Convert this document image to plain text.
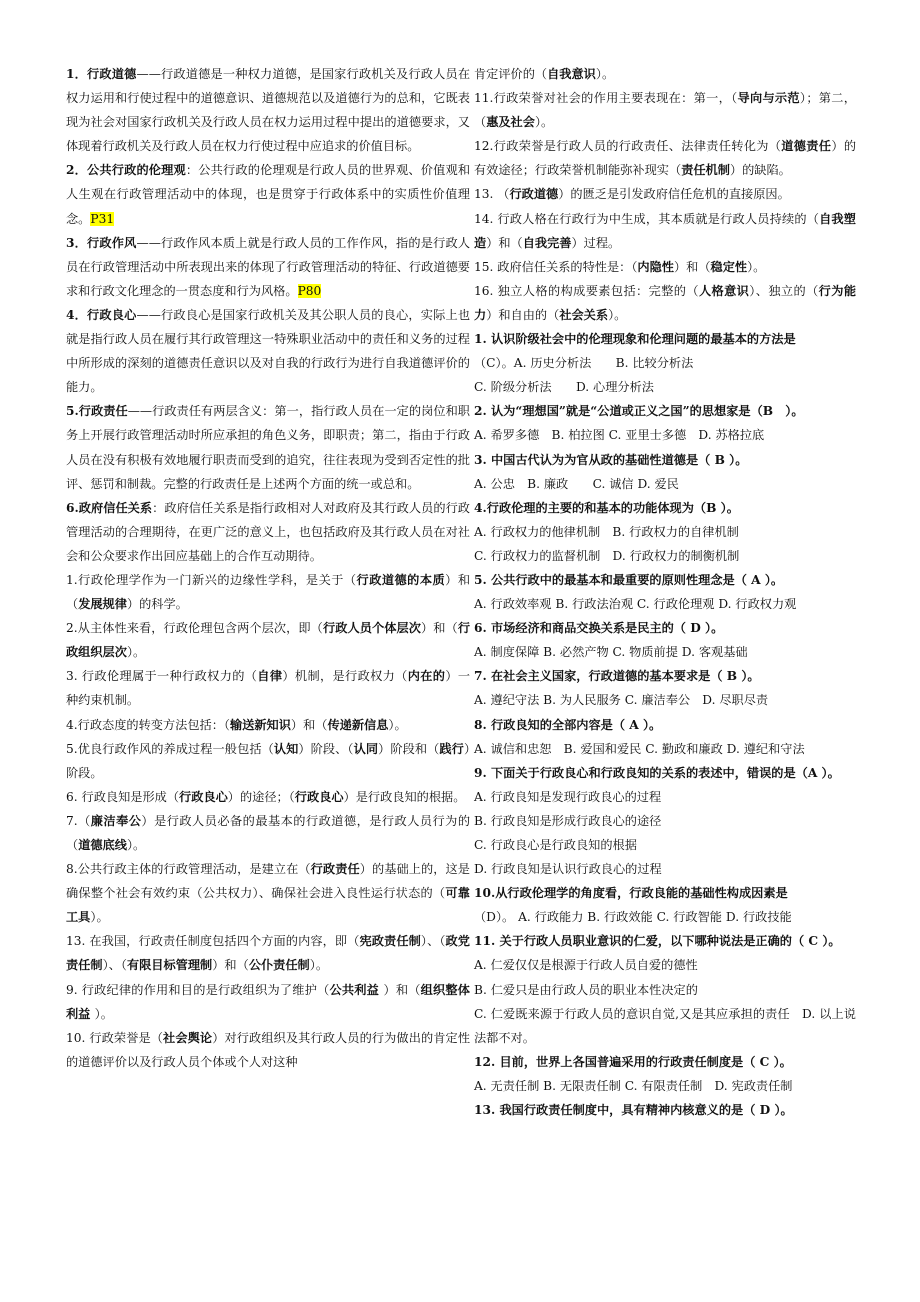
1．行政道德——行政道德是一种权力道德，是国家行政机关及行政人员在权力运用和行使过程中的道德意识、道德规范以及道德行为的总和，它既表现为社会对国家行政机关及行政人员在权力运用过程中提出的道德要求，又体现着行政机关及行政人员在权力行使过程中应追求的价值目标。

2．公共行政的伦理观：公共行政的伦理观是行政人员的世界观、价值观和人生观在行政管理活动中的体现，也是贯穿于行政体系中的实质性价值理念。P31

3．行政作风——行政作风本质上就是行政人员的工作作风，指的是行政人员在行政管理活动中所表现出来的体现了行政管理活动的特征、行政道德要求和行政文化理念的一贯态度和行为风格。P80

4．行政良心——行政良心是国家行政机关及其公职人员的良心，实际上也就是指行政人员在履行其行政管理这一特殊职业活动中的责任和义务的过程中所形成的深刻的道德责任意识以及对自我的行政行为进行自我道德评价的能力。

5.行政责任——行政责任有两层含义：第一，指行政人员在一定的岗位和职务上开展行政管理活动时所应承担的角色义务，即职责；第二，指由于行政人员在没有积极有效地履行职责而受到的追究，往往表现为受到否定性的批评、惩罚和制裁。完整的行政责任是上述两个方面的统一或总和。

6.政府信任关系：政府信任关系是指行政相对人对政府及其行政人员的行政管理活动的合理期待，在更广泛的意义上，也包括政府及其行政人员在对社会和公众要求作出回应基础上的合作互动期待。

1.行政伦理学作为一门新兴的边缘性学科，是关于（行政道德的本质）和（发展规律）的科学。

2.从主体性来看，行政伦理包含两个层次，即（行政人员个体层次）和（行政组织层次）。

3. 行政伦理属于一种行政权力的（自律）机制，是行政权力（内在的）一种约束机制。

4.行政态度的转变方法包括：（输送新知识）和（传递新信息）。

5.优良行政作风的养成过程一般包括（认知）阶段、（认同）阶段和（践行）阶段。

6. 行政良知是形成（行政良心）的途径；（行政良心）是行政良知的根据。

7.（廉洁奉公）是行政人员必备的最基本的行政道德，是行政人员行为的（道德底线）。

8.公共行政主体的行政管理活动，是建立在（行政责任）的基础上的，这是确保整个社会有效约束（公共权力）、确保社会进入良性运行状态的（可靠工具）。

13. 在我国，行政责任制度包括四个方面的内容，即（宪政责任制）、（政党责任制）、（有限目标管理制）和（公仆责任制）。

9. 行政纪律的作用和目的是行政组织为了维护（公共利益 ）和（组织整体利益 ）。

10. 行政荣誉是（社会舆论）对行政组织及其行政人员的行为做出的肯定性的道德评价以及行政人员个体或个人对这种

肯定评价的（自我意识）。

11.行政荣誉对社会的作用主要表现在：第一，（导向与示范）；第二，（惠及社会）。

12.行政荣誉是行政人员的行政责任、法律责任转化为（道德责任）的有效途径；行政荣誉机制能弥补现实（责任机制）的缺陷。

13. （行政道德）的匮乏是引发政府信任危机的直接原因。

14. 行政人格在行政行为中生成，其本质就是行政人员持续的（自我塑造）和（自我完善）过程。

15. 政府信任关系的特性是：（内隐性）和（稳定性）。

16. 独立人格的构成要素包括：完整的（人格意识）、独立的（行为能力）和自由的（社会关系）。

1. 认识阶级社会中的伦理现象和伦理问题的最基本的方法是

（C）。A. 历史分析法　　B. 比较分析法

C. 阶级分析法　　D. 心理分析法

2. 认为“理想国”就是“公道或正义之国”的思想家是（B　）。

A. 希罗多德　B. 柏拉图 C. 亚里士多德　D. 苏格拉底

3. 中国古代认为为官从政的基础性道德是（ B ）。

A. 公忠　B. 廉政　　C. 诚信 D. 爱民

4.行政伦理的主要的和基本的功能体现为（B ）。

A. 行政权力的他律机制　B. 行政权力的自律机制

C. 行政权力的监督机制　D. 行政权力的制衡机制

5. 公共行政中的最基本和最重要的原则性理念是（ A ）。

A. 行政效率观 B. 行政法治观 C. 行政伦理观 D. 行政权力观

6. 市场经济和商品交换关系是民主的（ D ）。

A. 制度保障 B. 必然产物 C. 物质前提 D. 客观基础

7. 在社会主义国家，行政道德的基本要求是（ B ）。

A. 遵纪守法 B. 为人民服务 C. 廉洁奉公　D. 尽职尽责

8. 行政良知的全部内容是（ A ）。

A. 诚信和忠恕　B. 爱国和爱民 C. 勤政和廉政 D. 遵纪和守法

9. 下面关于行政良心和行政良知的关系的表述中，错误的是（A ）。

A. 行政良知是发现行政良心的过程

B. 行政良知是形成行政良心的途径

C. 行政良心是行政良知的根据

D. 行政良知是认识行政良心的过程

10.从行政伦理学的角度看，行政良能的基础性构成因素是

（D）。 A. 行政能力 B. 行政效能 C. 行政智能 D. 行政技能

11. 关于行政人员职业意识的仁爱，以下哪种说法是正确的（ C ）。

A. 仁爱仅仅是根源于行政人员自爱的德性

B. 仁爱只是由行政人员的职业本性决定的

C. 仁爱既来源于行政人员的意识自觉,又是其应承担的责任　D. 以上说法都不对。

12. 目前，世界上各国普遍采用的行政责任制度是（ C ）。

A. 无责任制 B. 无限责任制 C. 有限责任制　D. 宪政责任制

13. 我国行政责任制度中，具有精神内核意义的是（ D ）。
